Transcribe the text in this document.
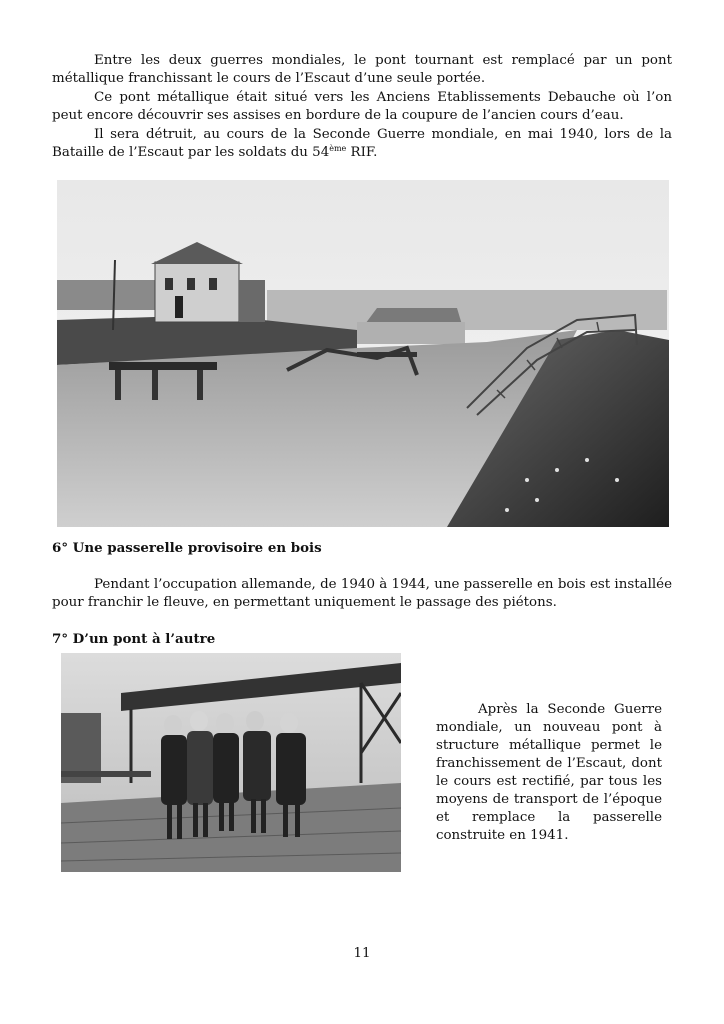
Entre les deux guerres mondiales, le pont tournant est remplacé par un pont métallique franchissant le cours de l’Escaut d’une seule portée.

Ce pont métallique était situé vers les Anciens Etablissements Debauche où l’on peut encore découvrir ses assises en bordure de la coupure de l’ancien cours d’eau.

Il sera détruit, au cours de la Seconde Guerre mondiale, en mai 1940, lors de la Bataille de l’Escaut par les soldats du 54ème RIF.

6° Une passerelle provisoire en bois

Pendant l’occupation allemande, de 1940 à 1944, une passerelle en bois est installée pour franchir le fleuve, en permettant uniquement le passage des piétons.

7° D’un pont à l’autre

Après la Seconde Guerre mondiale, un nouveau pont à structure métallique permet le franchissement de l’Escaut, dont le cours est rectifié, par tous les moyens de transport de l’époque et remplace la passerelle construite en 1941.

11
